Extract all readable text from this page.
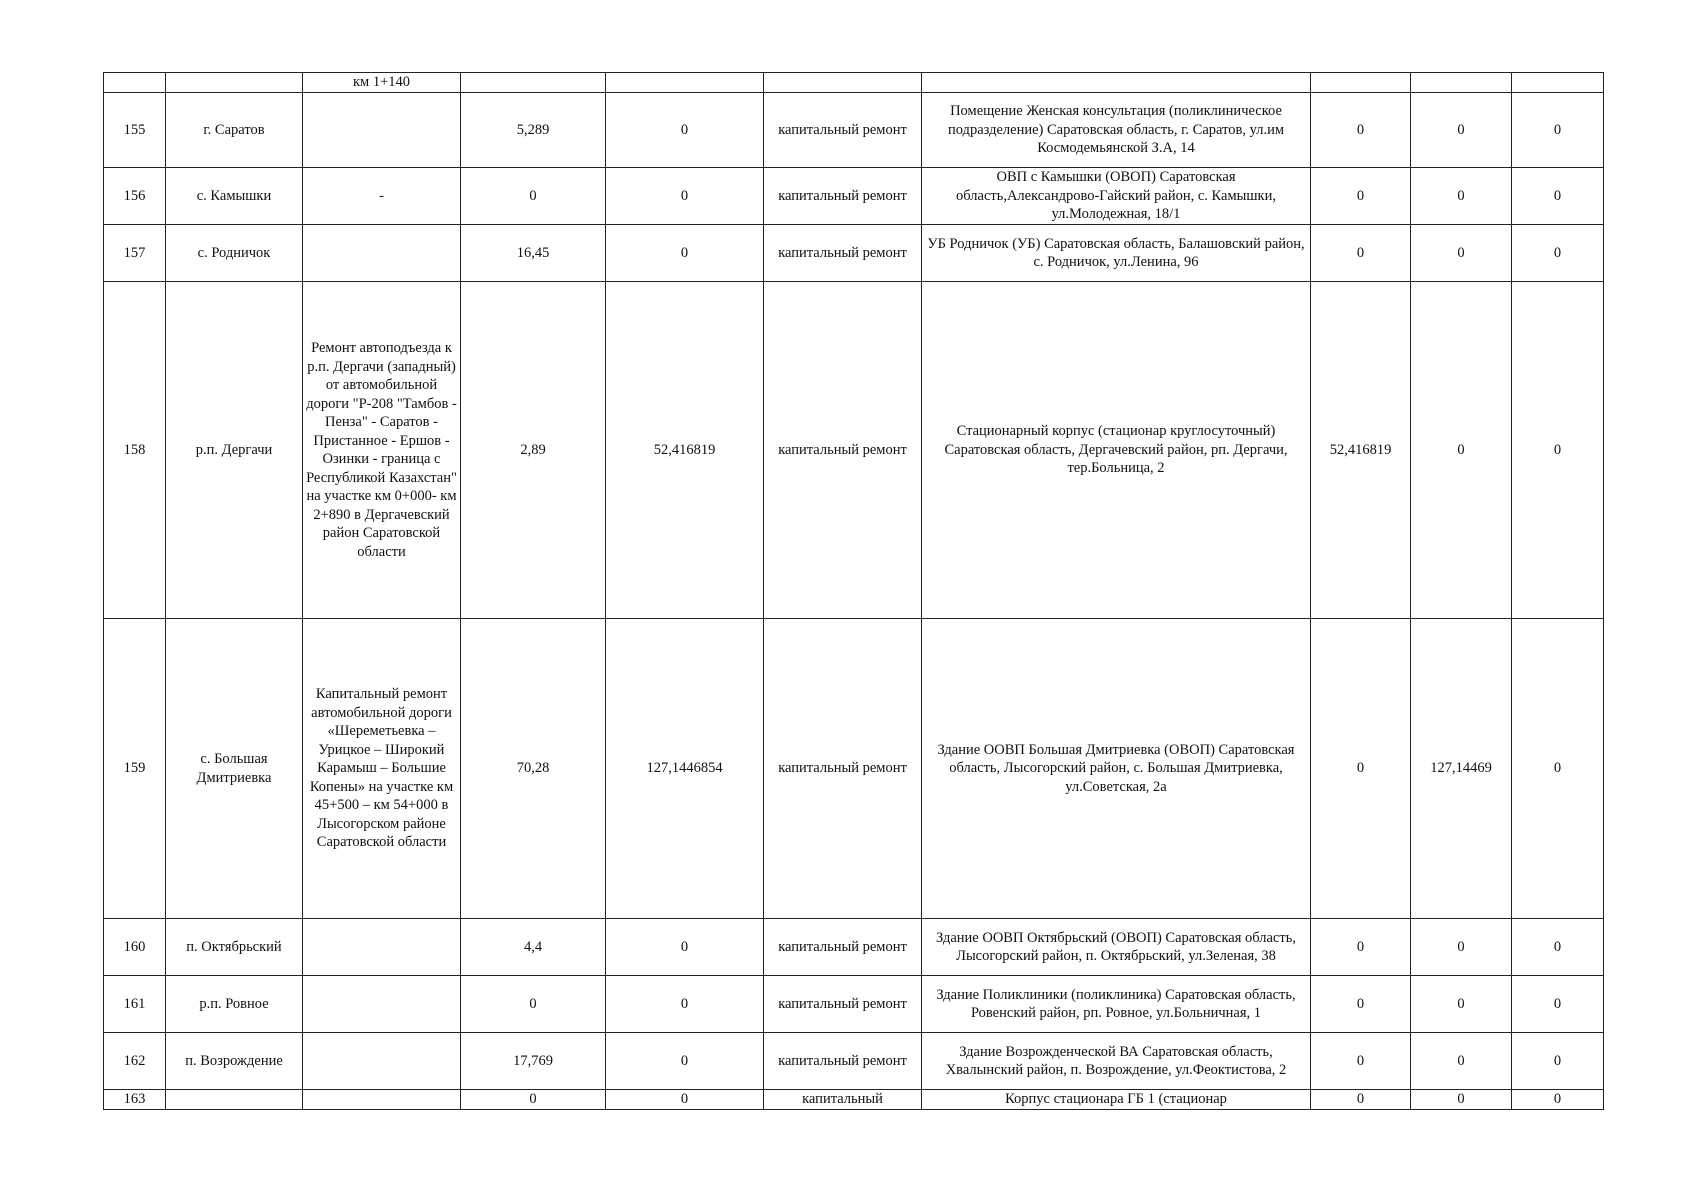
		км 1+140							
155	г. Саратов		5,289	0	капитальный ремонт	Помещение Женская консультация (поликлиническое подразделение) Саратовская область, г. Саратов, ул.им Космодемьянской З.А, 14	0	0	0
156	с. Камышки	-	0	0	капитальный ремонт	ОВП с Камышки (ОВОП) Саратовская область,Александрово-Гайский район, с. Камышки, ул.Молодежная, 18/1	0	0	0
157	с. Родничок		16,45	0	капитальный ремонт	УБ Родничок (УБ) Саратовская область, Балашовский район, с. Родничок, ул.Ленина, 96	0	0	0
158	р.п. Дергачи	Ремонт автоподъезда к р.п. Дергачи (западный) от автомобильной дороги "Р-208 "Тамбов - Пенза" - Саратов - Пристанное - Ершов - Озинки - граница с Республикой Казахстан" на участке км 0+000- км 2+890 в Дергачевский район Саратовской области	2,89	52,416819	капитальный ремонт	Стационарный корпус (стационар круглосуточный) Саратовская область, Дергачевский район, рп. Дергачи, тер.Больница, 2	52,416819	0	0
159	с. Большая Дмитриевка	Капитальный ремонт автомобильной дороги «Шереметьевка – Урицкое – Широкий Карамыш – Большие Копены» на участке км 45+500 – км 54+000 в Лысогорском районе Саратовской области	70,28	127,1446854	капитальный ремонт	Здание ООВП Большая Дмитриевка (ОВОП) Саратовская область, Лысогорский район, с. Большая Дмитриевка, ул.Советская, 2а	0	127,14469	0
160	п. Октябрьский		4,4	0	капитальный ремонт	Здание ООВП Октябрьский (ОВОП) Саратовская область, Лысогорский район, п. Октябрьский, ул.Зеленая, 38	0	0	0
161	р.п. Ровное		0	0	капитальный ремонт	Здание Поликлиники (поликлиника) Саратовская область, Ровенский район, рп. Ровное, ул.Больничная, 1	0	0	0
162	п. Возрождение		17,769	0	капитальный ремонт	Здание Возрожденческой ВА Саратовская область, Хвалынский район, п. Возрождение, ул.Феоктистова, 2	0	0	0
163			0	0	капитальный	Корпус стационара ГБ 1 (стационар	0	0	0
